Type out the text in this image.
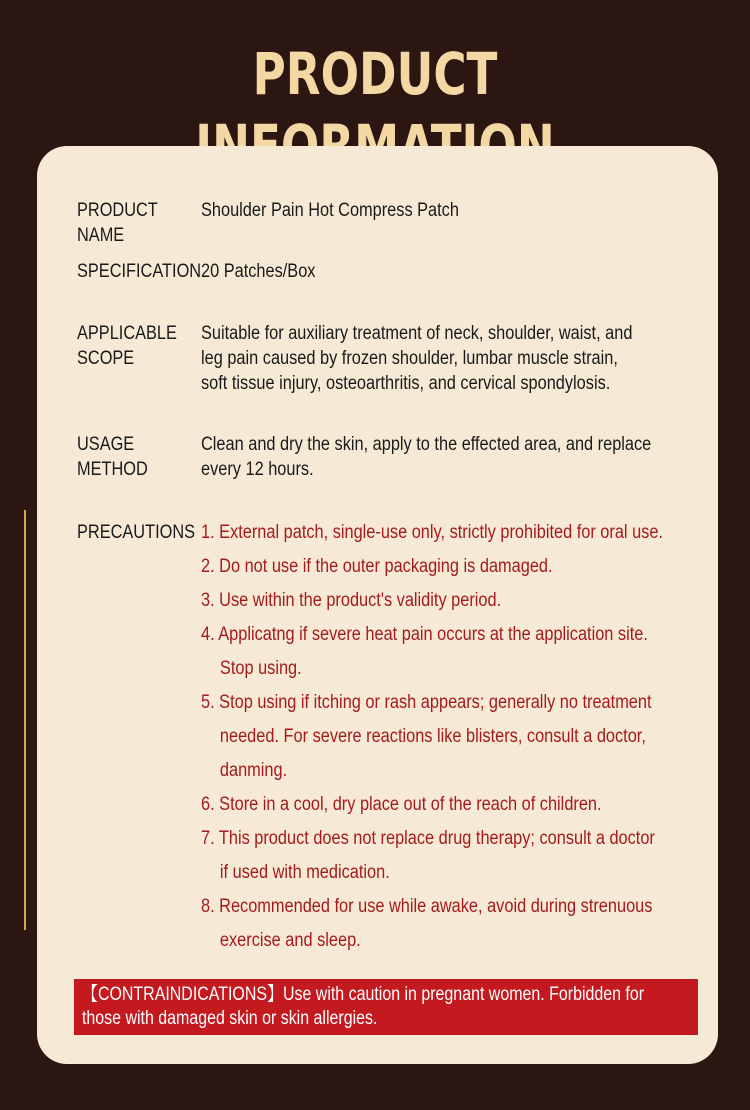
PRODUCT
PRODUCT
NAME
Shoulder Pain Hot Compress Patch
SPECIFICATION 20 Patches/Box
APPLICABLE
SCOPE
Suitable for auxiliary treatment of neck, shoulder, waist, and
leg pain caused by frozen shoulder, lumbar muscle strain,
soft tissue injury, osteoarthritis, and cervical spondylosis.
USAGE
METHOD
Clean and dry the skin, apply to the effected area, and replace
every 12 hours.
PRECAUTIONS 1. External patch, single-use only, strictly prohibited for oral use.
2. Do not use if the outer packaging is damaged.
3. Use within the product's validity period.
4. Applicatng if severe heat pain occurs at the application site.
Stop using.
5. Stop using if itching or rash appears; generally no treatment
needed. For severe reactions like blisters, consult a doctor,
danming.
6. Store in a cool, dry place out of the reach of children.
7. This product does not replace drug therapy; consult a doctor
if used with medication.
8. Recommended for use while awake, avoid during strenuous
exercise and sleep.
【CONTRAINDICATIONS】Use with caution in pregnant women. Forbidden for
those with damaged skin or skin allergies.
